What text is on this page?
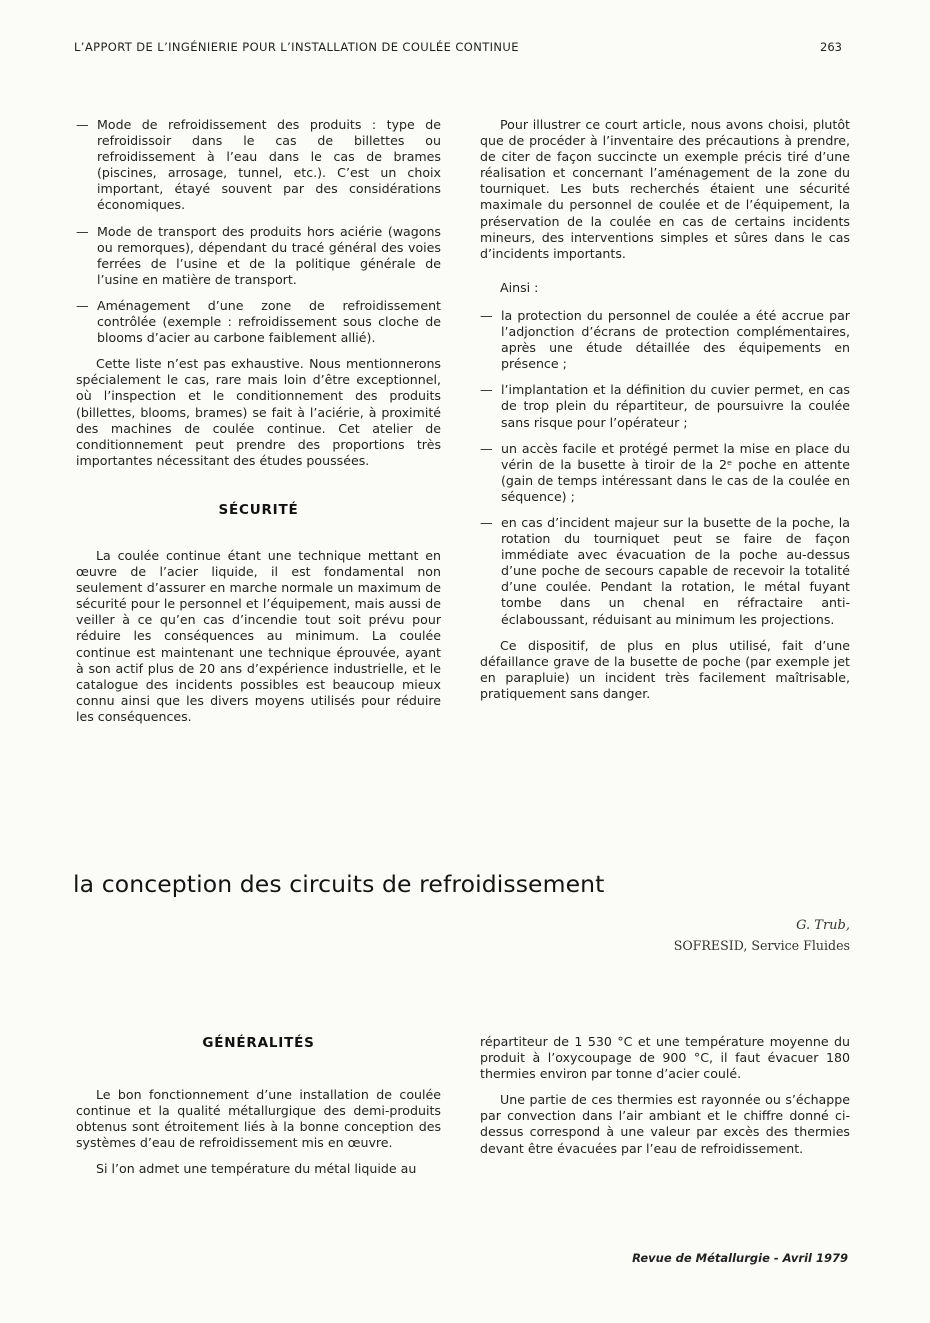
L’APPORT DE L’INGÉNIERIE POUR L’INSTALLATION DE COULÉE CONTINUE	263

— Mode de refroidissement des produits : type de refroidissoir dans le cas de billettes ou refroidissement à l’eau dans le cas de brames (piscines, arrosage, tunnel, etc.). C’est un choix important, étayé souvent par des considérations économiques.

— Mode de transport des produits hors aciérie (wagons ou remorques), dépendant du tracé général des voies ferrées de l’usine et de la politique générale de l’usine en matière de transport.

— Aménagement d’une zone de refroidissement contrôlée (exemple : refroidissement sous cloche de blooms d’acier au carbone faiblement allié).

Cette liste n’est pas exhaustive. Nous mentionnerons spécialement le cas, rare mais loin d’être exceptionnel, où l’inspection et le conditionnement des produits (billettes, blooms, brames) se fait à l’aciérie, à proximité des machines de coulée continue. Cet atelier de conditionnement peut prendre des proportions très importantes nécessitant des études poussées.

SÉCURITÉ

La coulée continue étant une technique mettant en œuvre de l’acier liquide, il est fondamental non seulement d’assurer en marche normale un maximum de sécurité pour le personnel et l’équipement, mais aussi de veiller à ce qu’en cas d’incendie tout soit prévu pour réduire les conséquences au minimum. La coulée continue est maintenant une technique éprouvée, ayant à son actif plus de 20 ans d’expérience industrielle, et le catalogue des incidents possibles est beaucoup mieux connu ainsi que les divers moyens utilisés pour réduire les conséquences.

Pour illustrer ce court article, nous avons choisi, plutôt que de procéder à l’inventaire des précautions à prendre, de citer de façon succincte un exemple précis tiré d’une réalisation et concernant l’aménagement de la zone du tourniquet. Les buts recherchés étaient une sécurité maximale du personnel de coulée et de l’équipement, la préservation de la coulée en cas de certains incidents mineurs, des interventions simples et sûres dans le cas d’incidents importants.

Ainsi :

— la protection du personnel de coulée a été accrue par l’adjonction d’écrans de protection complémentaires, après une étude détaillée des équipements en présence ;

— l’implantation et la définition du cuvier permet, en cas de trop plein du répartiteur, de poursuivre la coulée sans risque pour l’opérateur ;

— un accès facile et protégé permet la mise en place du vérin de la busette à tiroir de la 2ᵉ poche en attente (gain de temps intéressant dans le cas de la coulée en séquence) ;

— en cas d’incident majeur sur la busette de la poche, la rotation du tourniquet peut se faire de façon immédiate avec évacuation de la poche au-dessus d’une poche de secours capable de recevoir la totalité d’une coulée. Pendant la rotation, le métal fuyant tombe dans un chenal en réfractaire anti-éclaboussant, réduisant au minimum les projections.

Ce dispositif, de plus en plus utilisé, fait d’une défaillance grave de la busette de poche (par exemple jet en parapluie) un incident très facilement maîtrisable, pratiquement sans danger.

la conception des circuits de refroidissement
G. Trub,
SOFRESID, Service Fluides
GÉNÉRALITÉS

Le bon fonctionnement d’une installation de coulée continue et la qualité métallurgique des demi-produits obtenus sont étroitement liés à la bonne conception des systèmes d’eau de refroidissement mis en œuvre.

Si l’on admet une température du métal liquide au

répartiteur de 1 530 °C et une température moyenne du produit à l’oxycoupage de 900 °C, il faut évacuer 180 thermies environ par tonne d’acier coulé.

Une partie de ces thermies est rayonnée ou s’échappe par convection dans l’air ambiant et le chiffre donné ci-dessus correspond à une valeur par excès des thermies devant être évacuées par l’eau de refroidissement.

Revue de Métallurgie - Avril 1979
